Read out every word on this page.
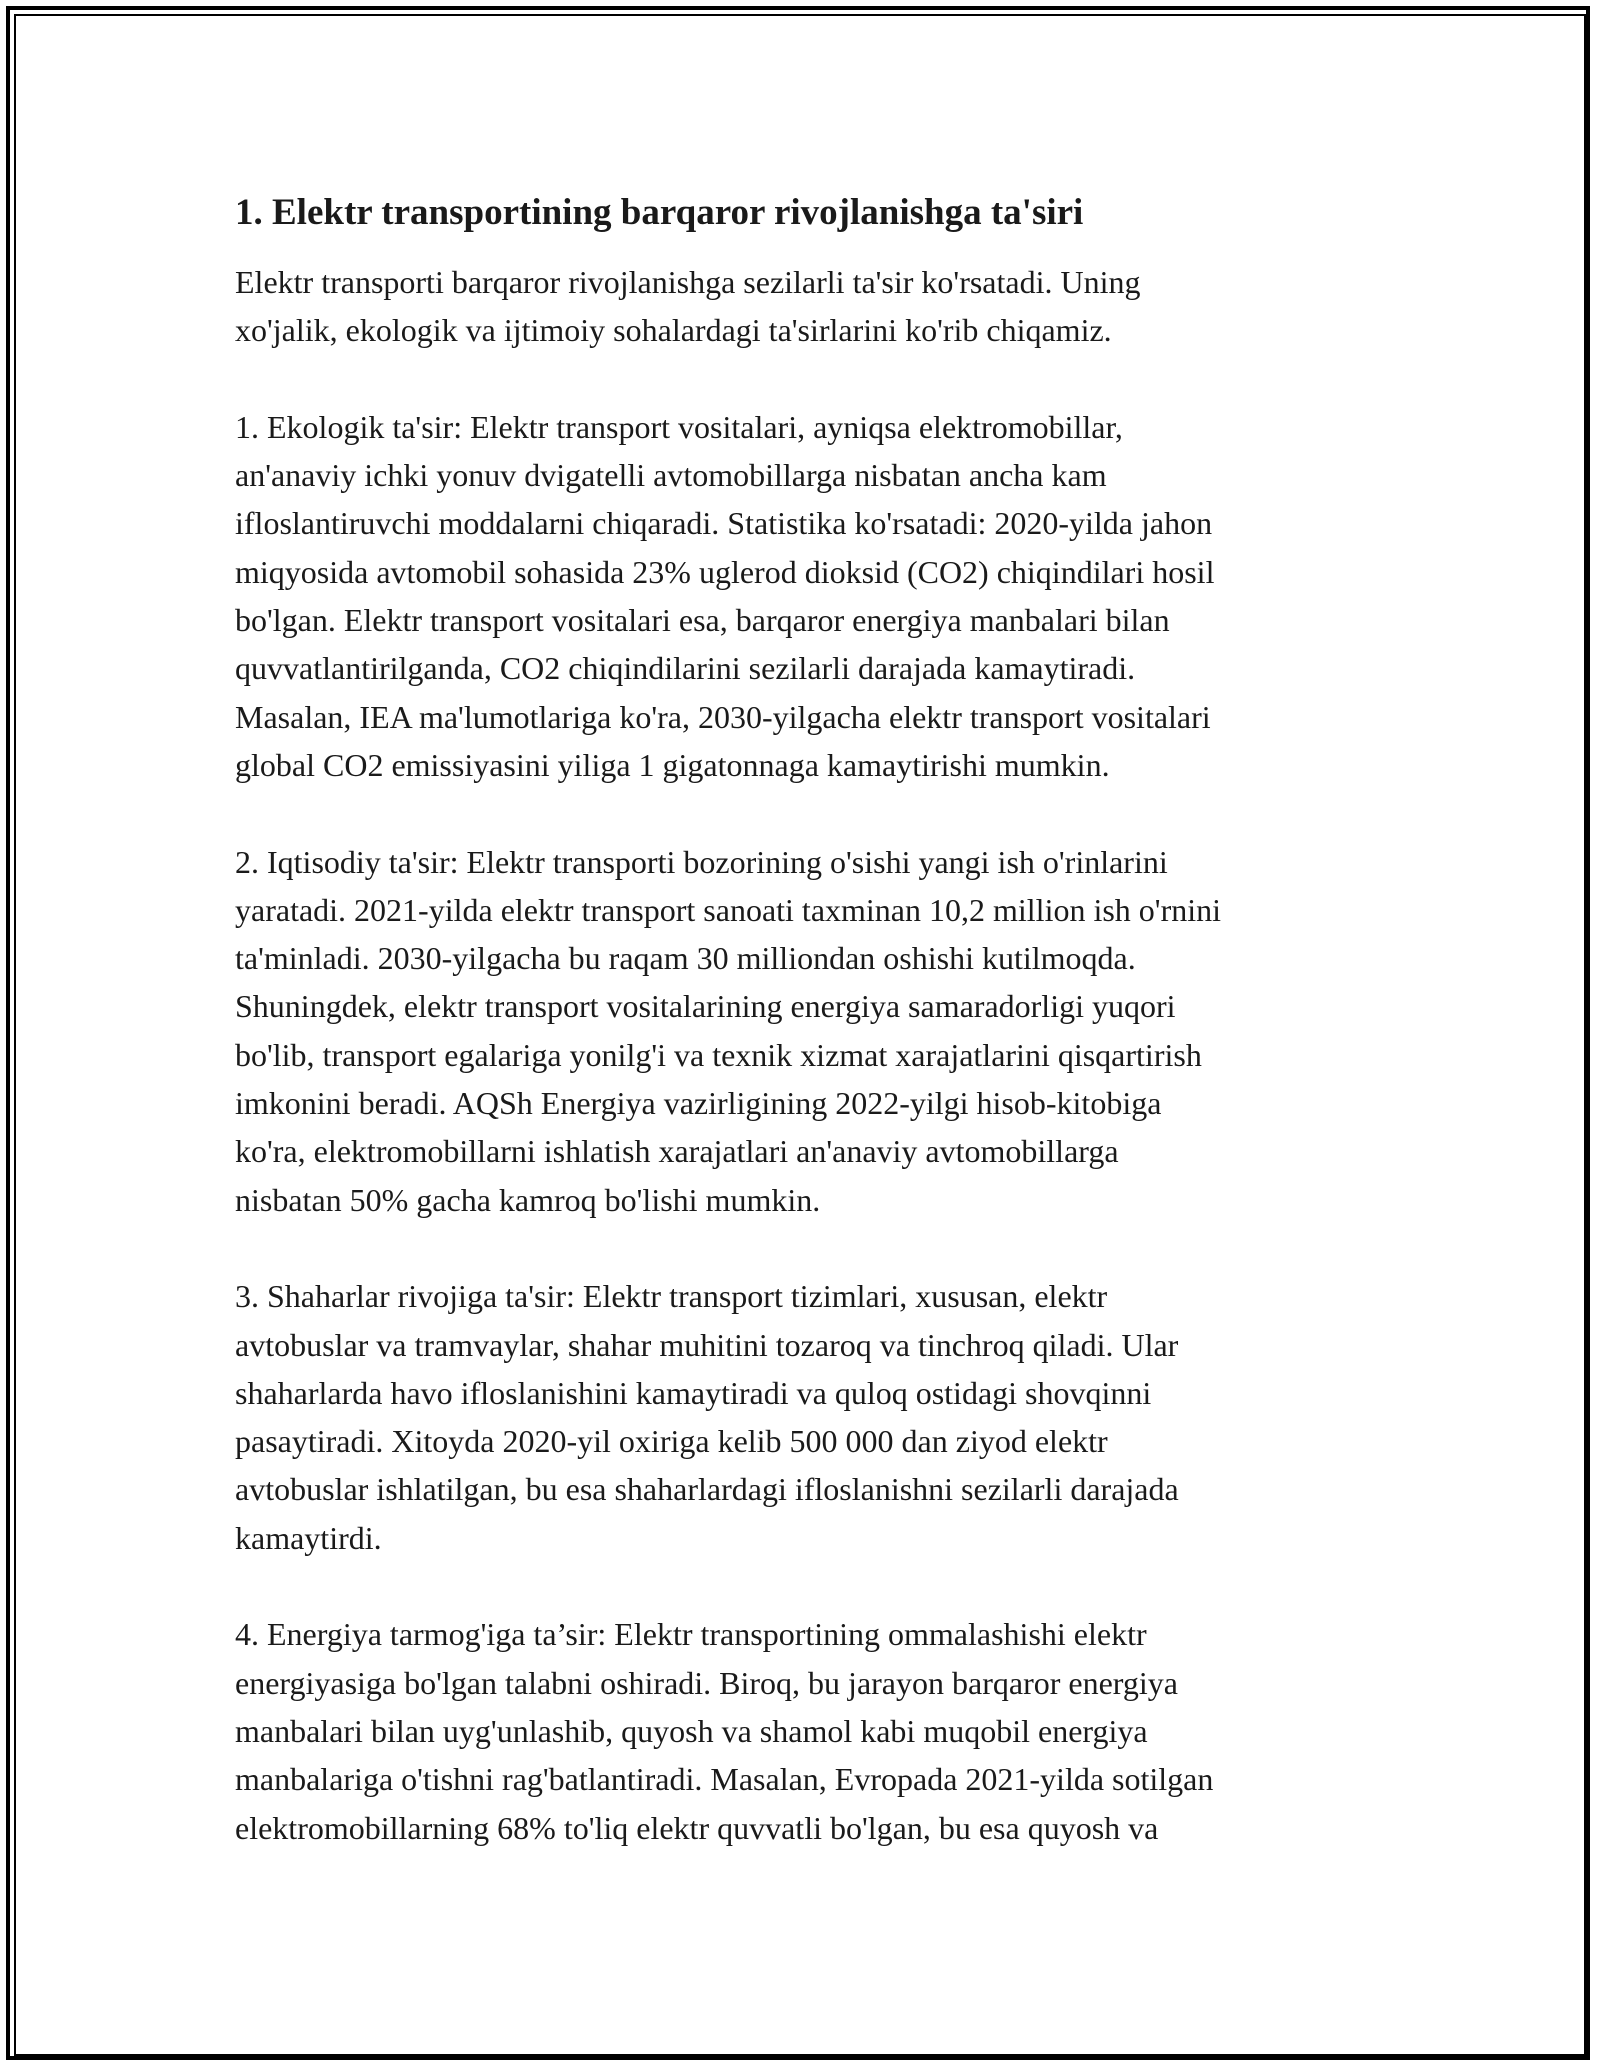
1. Elektr transportining barqaror rivojlanishga ta'siri

Elektr transporti barqaror rivojlanishga sezilarli ta'sir ko'rsatadi. Uning
xo'jalik, ekologik va ijtimoiy sohalardagi ta'sirlarini ko'rib chiqamiz.

1. Ekologik ta'sir: Elektr transport vositalari, ayniqsa elektromobillar,
an'anaviy ichki yonuv dvigatelli avtomobillarga nisbatan ancha kam
ifloslantiruvchi moddalarni chiqaradi. Statistika ko'rsatadi: 2020-yilda jahon
miqyosida avtomobil sohasida 23% uglerod dioksid (CO2) chiqindilari hosil
bo'lgan. Elektr transport vositalari esa, barqaror energiya manbalari bilan
quvvatlantirilganda, CO2 chiqindilarini sezilarli darajada kamaytiradi.
Masalan, IEA ma'lumotlariga ko'ra, 2030-yilgacha elektr transport vositalari
global CO2 emissiyasini yiliga 1 gigatonnaga kamaytirishi mumkin.

2. Iqtisodiy ta'sir: Elektr transporti bozorining o'sishi yangi ish o'rinlarini
yaratadi. 2021-yilda elektr transport sanoati taxminan 10,2 million ish o'rnini
ta'minladi. 2030-yilgacha bu raqam 30 milliondan oshishi kutilmoqda.
Shuningdek, elektr transport vositalarining energiya samaradorligi yuqori
bo'lib, transport egalariga yonilg'i va texnik xizmat xarajatlarini qisqartirish
imkonini beradi. AQSh Energiya vazirligining 2022-yilgi hisob-kitobiga
ko'ra, elektromobillarni ishlatish xarajatlari an'anaviy avtomobillarga
nisbatan 50% gacha kamroq bo'lishi mumkin.

3. Shaharlar rivojiga ta'sir: Elektr transport tizimlari, xususan, elektr
avtobuslar va tramvaylar, shahar muhitini tozaroq va tinchroq qiladi. Ular
shaharlarda havo ifloslanishini kamaytiradi va quloq ostidagi shovqinni
pasaytiradi. Xitoyda 2020-yil oxiriga kelib 500 000 dan ziyod elektr
avtobuslar ishlatilgan, bu esa shaharlardagi ifloslanishni sezilarli darajada
kamaytirdi.

4. Energiya tarmog'iga ta’sir: Elektr transportining ommalashishi elektr
energiyasiga bo'lgan talabni oshiradi. Biroq, bu jarayon barqaror energiya
manbalari bilan uyg'unlashib, quyosh va shamol kabi muqobil energiya
manbalariga o'tishni rag'batlantiradi. Masalan, Evropada 2021-yilda sotilgan
elektromobillarning 68% to'liq elektr quvvatli bo'lgan, bu esa quyosh va
